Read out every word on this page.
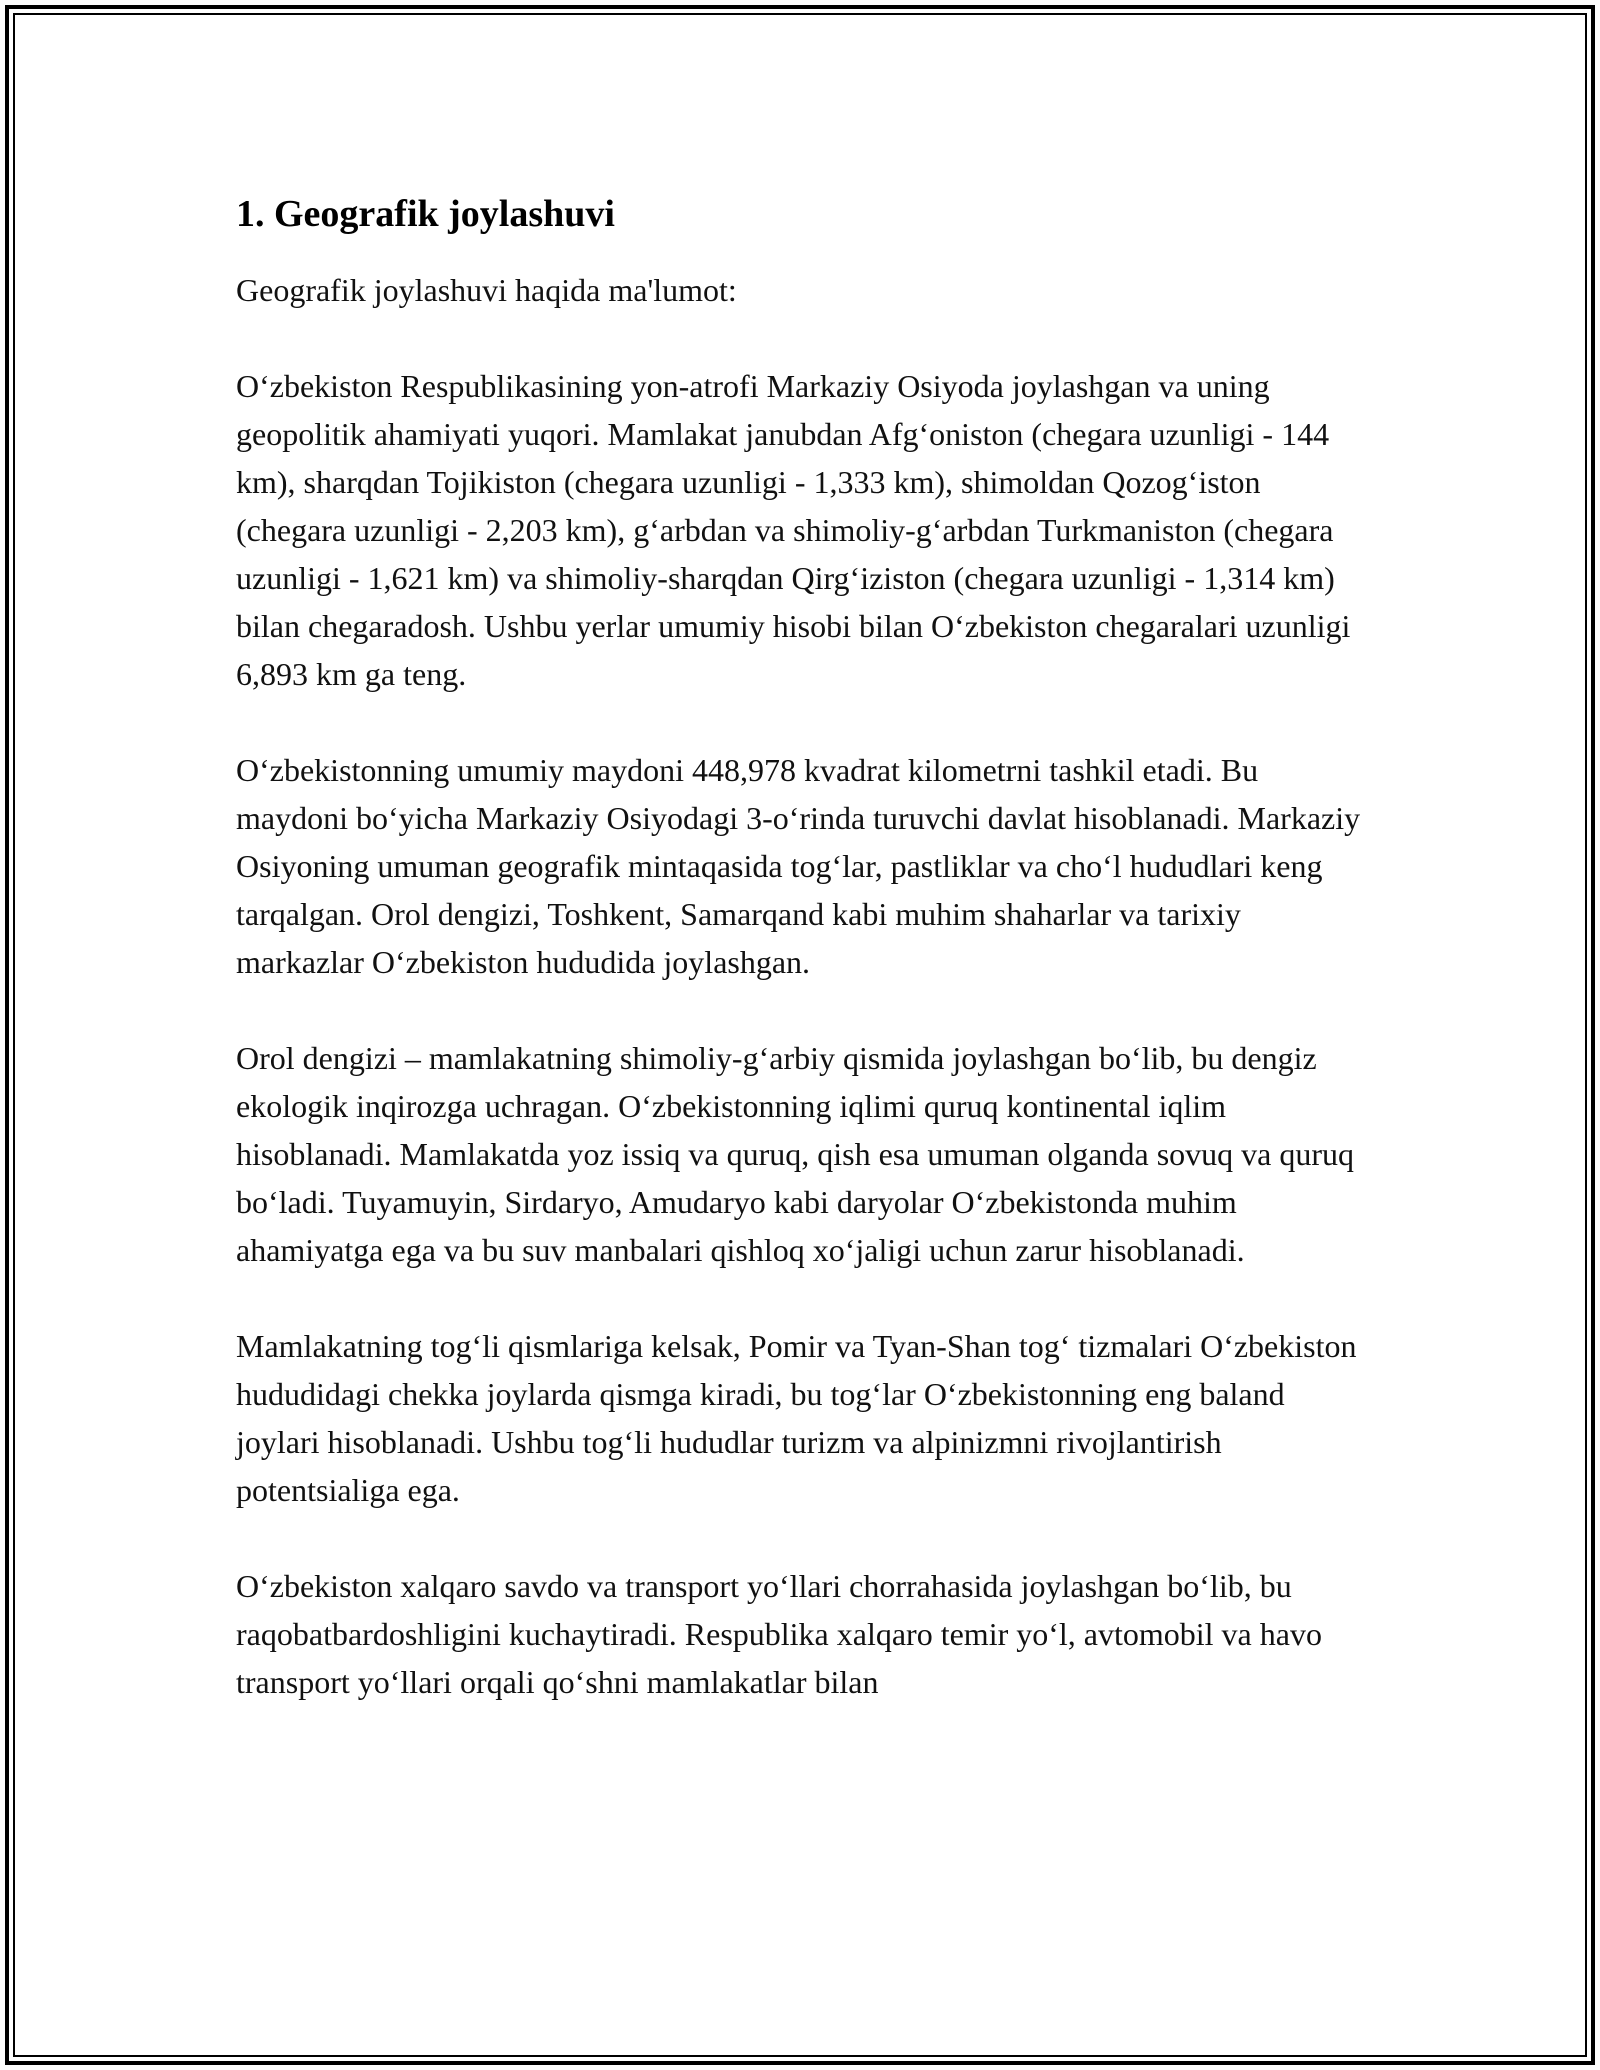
1. Geografik joylashuvi

Geografik joylashuvi haqida ma'lumot:

O‘zbekiston Respublikasining yon-atrofi Markaziy Osiyoda joylashgan va uning geopolitik ahamiyati yuqori. Mamlakat janubdan Afg‘oniston (chegara uzunligi - 144 km), sharqdan Tojikiston (chegara uzunligi - 1,333 km), shimoldan Qozog‘iston (chegara uzunligi - 2,203 km), g‘arbdan va shimoliy-g‘arbdan Turkmaniston (chegara uzunligi - 1,621 km) va shimoliy-sharqdan Qirg‘iziston (chegara uzunligi - 1,314 km) bilan chegaradosh. Ushbu yerlar umumiy hisobi bilan O‘zbekiston chegaralari uzunligi 6,893 km ga teng.

O‘zbekistonning umumiy maydoni 448,978 kvadrat kilometrni tashkil etadi. Bu maydoni bo‘yicha Markaziy Osiyodagi 3-o‘rinda turuvchi davlat hisoblanadi. Markaziy Osiyoning umuman geografik mintaqasida tog‘lar, pastliklar va cho‘l hududlari keng tarqalgan. Orol dengizi, Toshkent, Samarqand kabi muhim shaharlar va tarixiy markazlar O‘zbekiston hududida joylashgan.

Orol dengizi – mamlakatning shimoliy-g‘arbiy qismida joylashgan bo‘lib, bu dengiz ekologik inqirozga uchragan. O‘zbekistonning iqlimi quruq kontinental iqlim hisoblanadi. Mamlakatda yoz issiq va quruq, qish esa umuman olganda sovuq va quruq bo‘ladi. Tuyamuyin, Sirdaryo, Amudaryo kabi daryolar O‘zbekistonda muhim ahamiyatga ega va bu suv manbalari qishloq xo‘jaligi uchun zarur hisoblanadi.

Mamlakatning tog‘li qismlariga kelsak, Pomir va Tyan-Shan tog‘ tizmalari O‘zbekiston hududidagi chekka joylarda qismga kiradi, bu tog‘lar O‘zbekistonning eng baland joylari hisoblanadi. Ushbu tog‘li hududlar turizm va alpinizmni rivojlantirish potentsialiga ega.

O‘zbekiston xalqaro savdo va transport yo‘llari chorrahasida joylashgan bo‘lib, bu raqobatbardoshligini kuchaytiradi. Respublika xalqaro temir yo‘l, avtomobil va havo transport yo‘llari orqali qo‘shni mamlakatlar bilan
